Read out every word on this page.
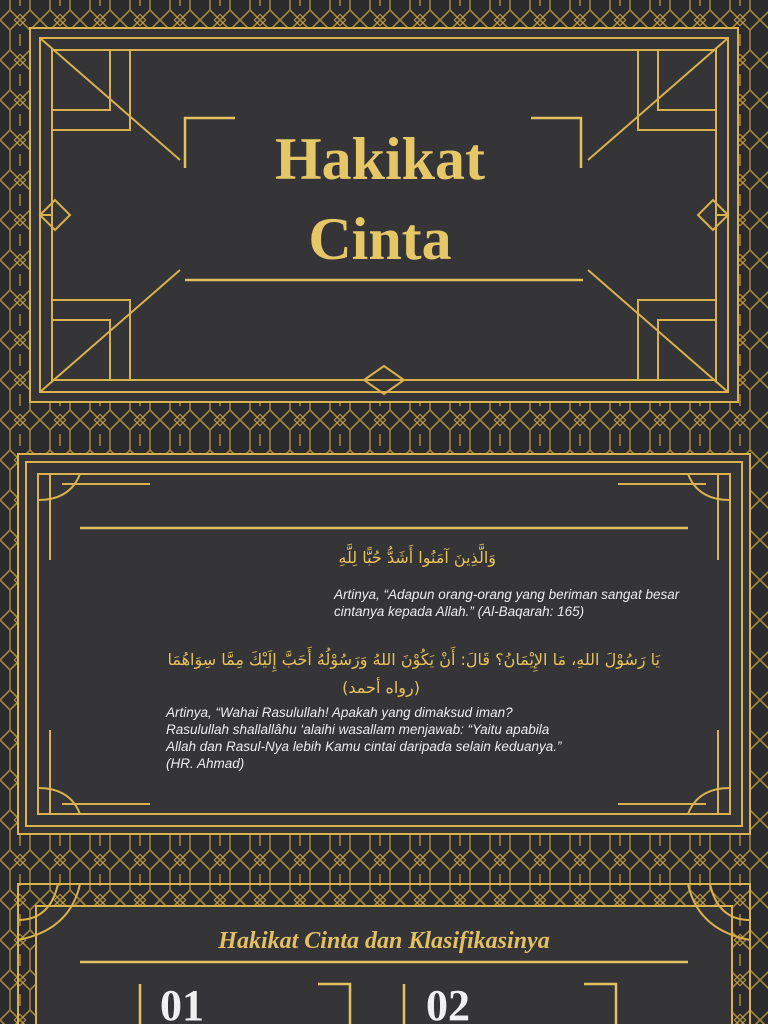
Hakikat
Cinta
وَالَّذِينَ آمَنُوا أَشَدُّ حُبًّا لِلَّهِ
Artinya, “Adapun orang-orang yang beriman sangat besar cintanya kepada Allah.” (Al-Baqarah: 165)
يَا رَسُوْلَ اللهِ، مَا الإِيْمَانُ؟ قَالَ: أَنْ يَكُوْنَ اللهُ وَرَسُوْلُهُ أَحَبَّ إِلَيْكَ مِمَّا سِوَاهُمَا
(رواه أحمد)
Artinya, “Wahai Rasulullah! Apakah yang dimaksud iman? Rasulullah shallallâhu ‘alaihi wasallam menjawab: “Yaitu apabila Allah dan Rasul-Nya lebih Kamu cintai daripada selain keduanya.” (HR. Ahmad)
Hakikat Cinta dan Klasifikasinya
01	02
